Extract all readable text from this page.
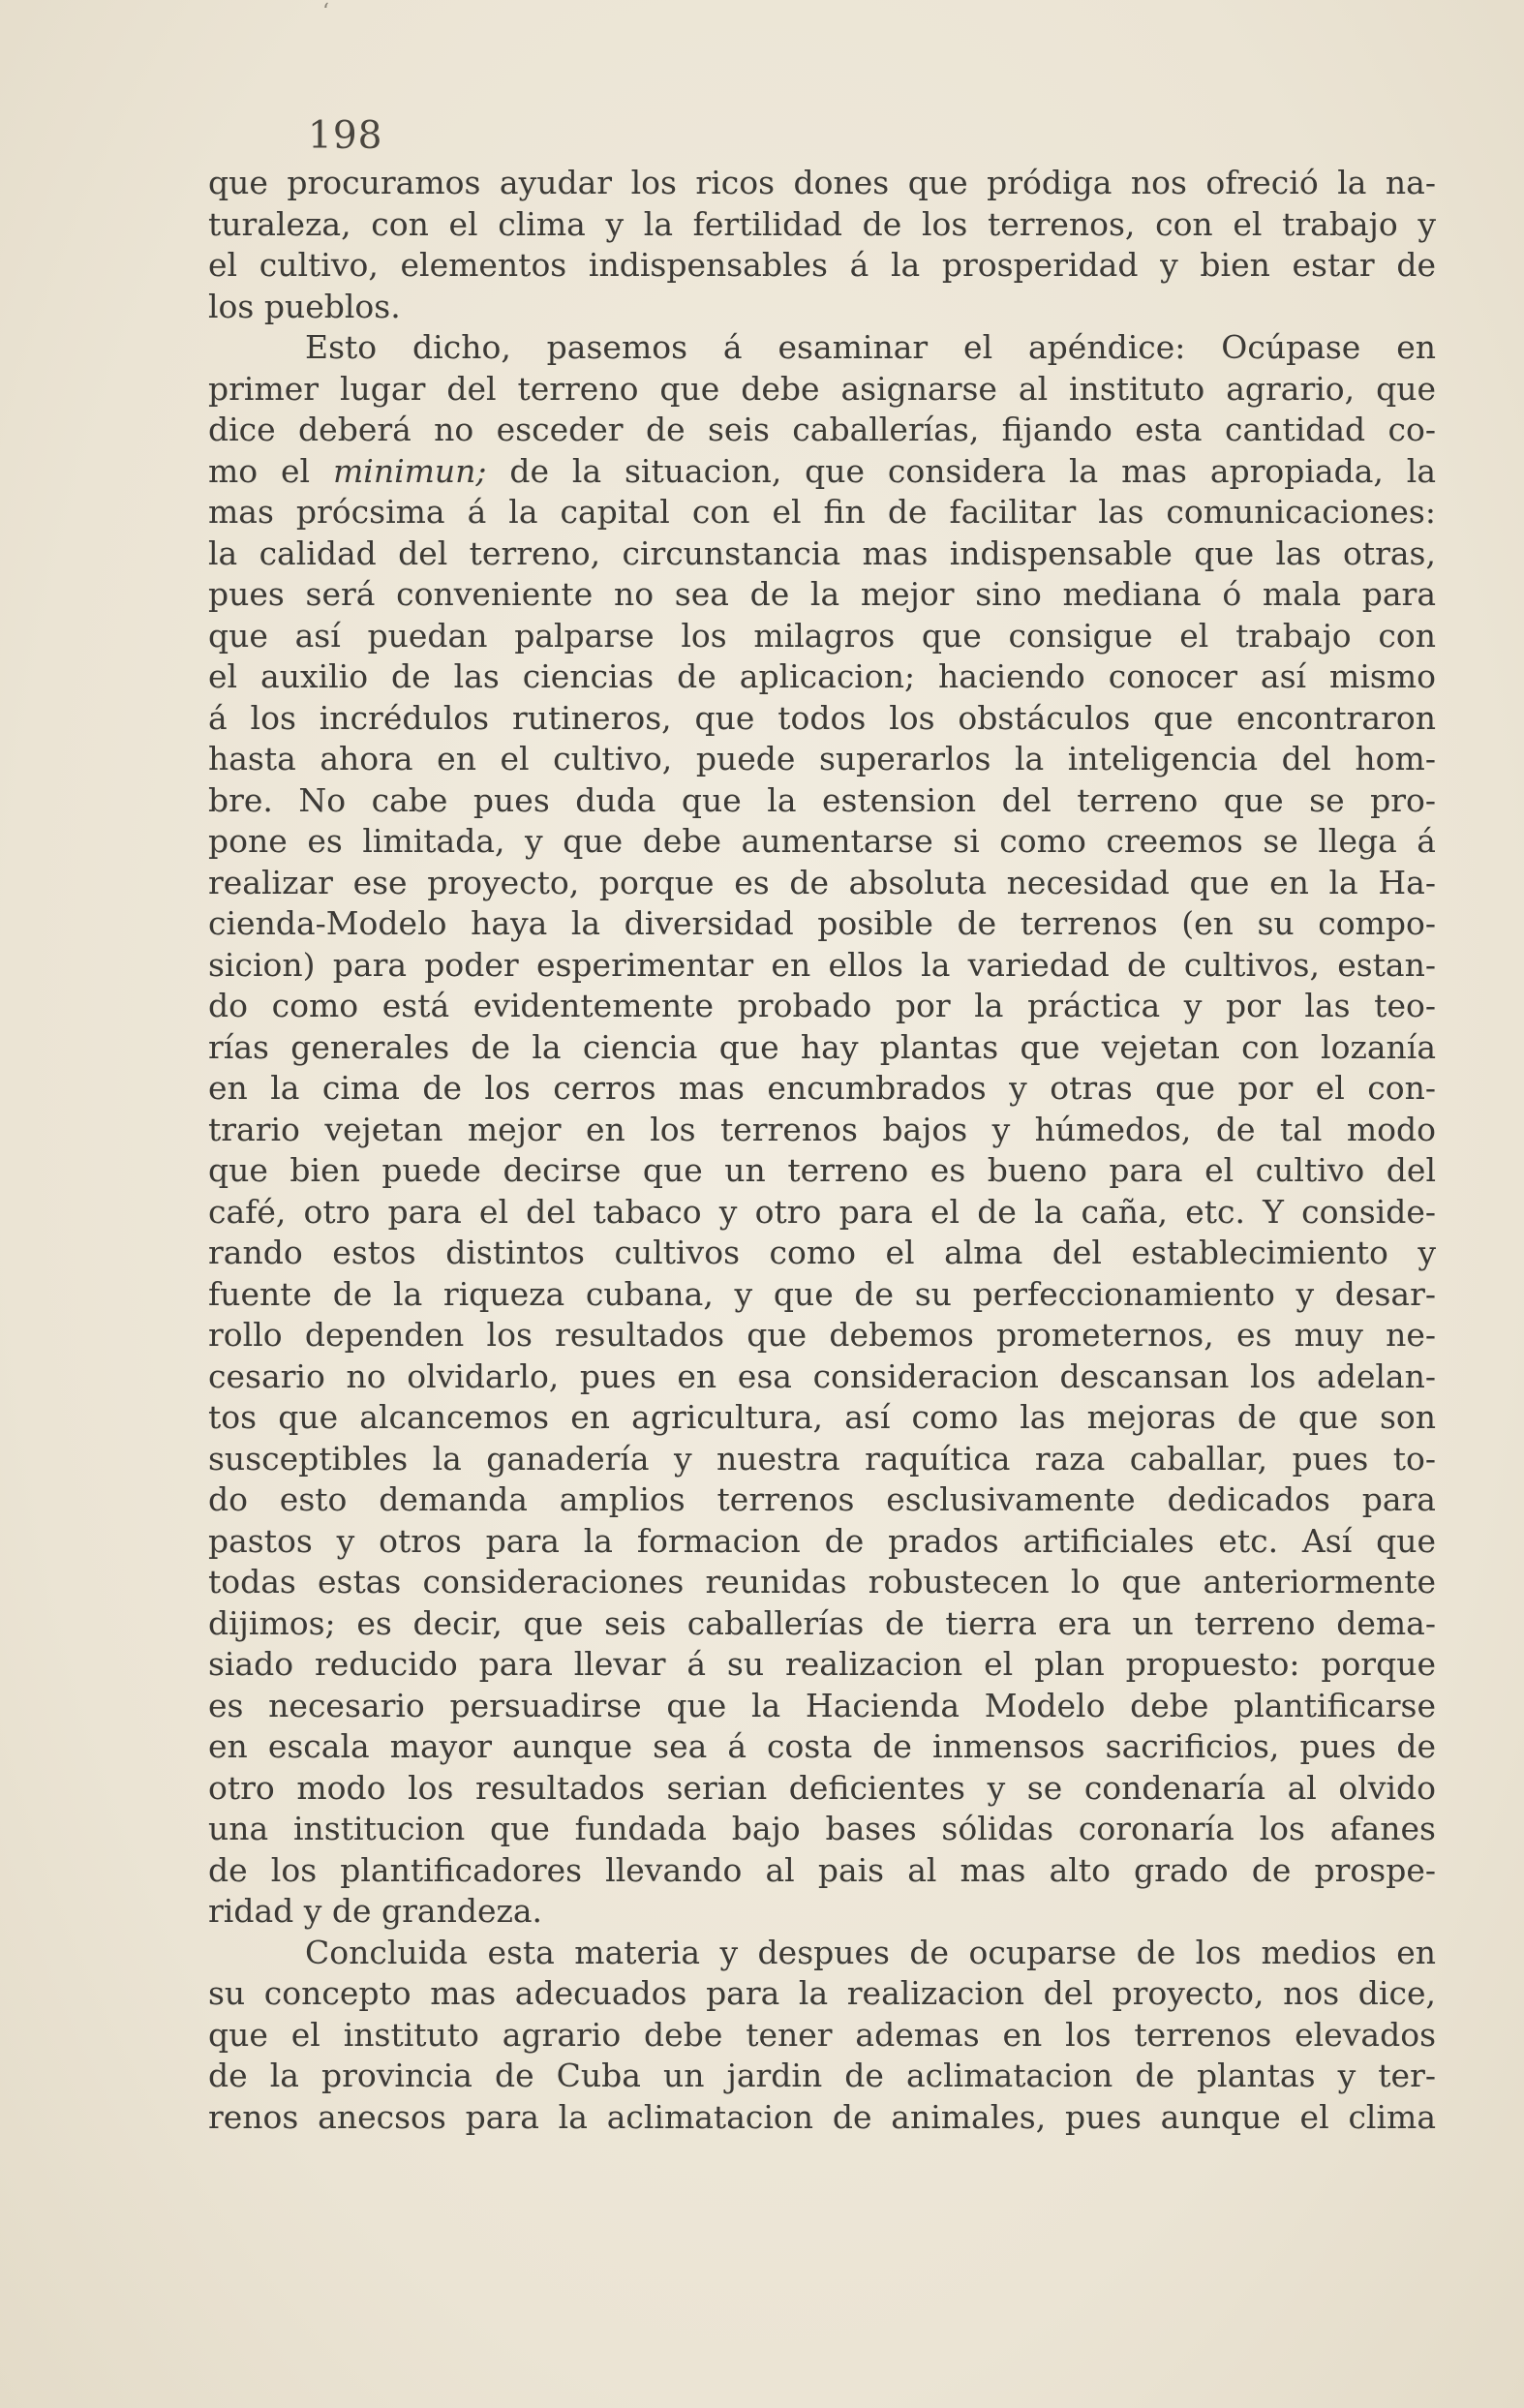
‘
198
que procuramos ayudar los ricos dones que pródiga nos ofreció la na-
turaleza, con el clima y la fertilidad de los terrenos, con el trabajo y
el cultivo, elementos indispensables á la prosperidad y bien estar de
los pueblos.
Esto dicho, pasemos á esaminar el apéndice: Ocúpase en
primer lugar del terreno que debe asignarse al instituto agrario, que
dice deberá no esceder de seis caballerías, fijando esta cantidad co-
mo el minimun; de la situacion, que considera la mas apropiada, la
mas prócsima á la capital con el fin de facilitar las comunicaciones:
la calidad del terreno, circunstancia mas indispensable que las otras,
pues será conveniente no sea de la mejor sino mediana ó mala para
que así puedan palparse los milagros que consigue el trabajo con
el auxilio de las ciencias de aplicacion; haciendo conocer así mismo
á los incrédulos rutineros, que todos los obstáculos que encontraron
hasta ahora en el cultivo, puede superarlos la inteligencia del hom-
bre. No cabe pues duda que la estension del terreno que se pro-
pone es limitada, y que debe aumentarse si como creemos se llega á
realizar ese proyecto, porque es de absoluta necesidad que en la Ha-
cienda-Modelo haya la diversidad posible de terrenos (en su compo-
sicion) para poder esperimentar en ellos la variedad de cultivos, estan-
do como está evidentemente probado por la práctica y por las teo-
rías generales de la ciencia que hay plantas que vejetan con lozanía
en la cima de los cerros mas encumbrados y otras que por el con-
trario vejetan mejor en los terrenos bajos y húmedos, de tal modo
que bien puede decirse que un terreno es bueno para el cultivo del
café, otro para el del tabaco y otro para el de la caña, etc. Y conside-
rando estos distintos cultivos como el alma del establecimiento y
fuente de la riqueza cubana, y que de su perfeccionamiento y desar-
rollo dependen los resultados que debemos prometernos, es muy ne-
cesario no olvidarlo, pues en esa consideracion descansan los adelan-
tos que alcancemos en agricultura, así como las mejoras de que son
susceptibles la ganadería y nuestra raquítica raza caballar, pues to-
do esto demanda amplios terrenos esclusivamente dedicados para
pastos y otros para la formacion de prados artificiales etc. Así que
todas estas consideraciones reunidas robustecen lo que anteriormente
dijimos; es decir, que seis caballerías de tierra era un terreno dema-
siado reducido para llevar á su realizacion el plan propuesto: porque
es necesario persuadirse que la Hacienda Modelo debe plantificarse
en escala mayor aunque sea á costa de inmensos sacrificios, pues de
otro modo los resultados serian deficientes y se condenaría al olvido
una institucion que fundada bajo bases sólidas coronaría los afanes
de los plantificadores llevando al pais al mas alto grado de prospe-
ridad y de grandeza.
Concluida esta materia y despues de ocuparse de los medios en
su concepto mas adecuados para la realizacion del proyecto, nos dice,
que el instituto agrario debe tener ademas en los terrenos elevados
de la provincia de Cuba un jardin de aclimatacion de plantas y ter-
renos anecsos para la aclimatacion de animales, pues aunque el clima
